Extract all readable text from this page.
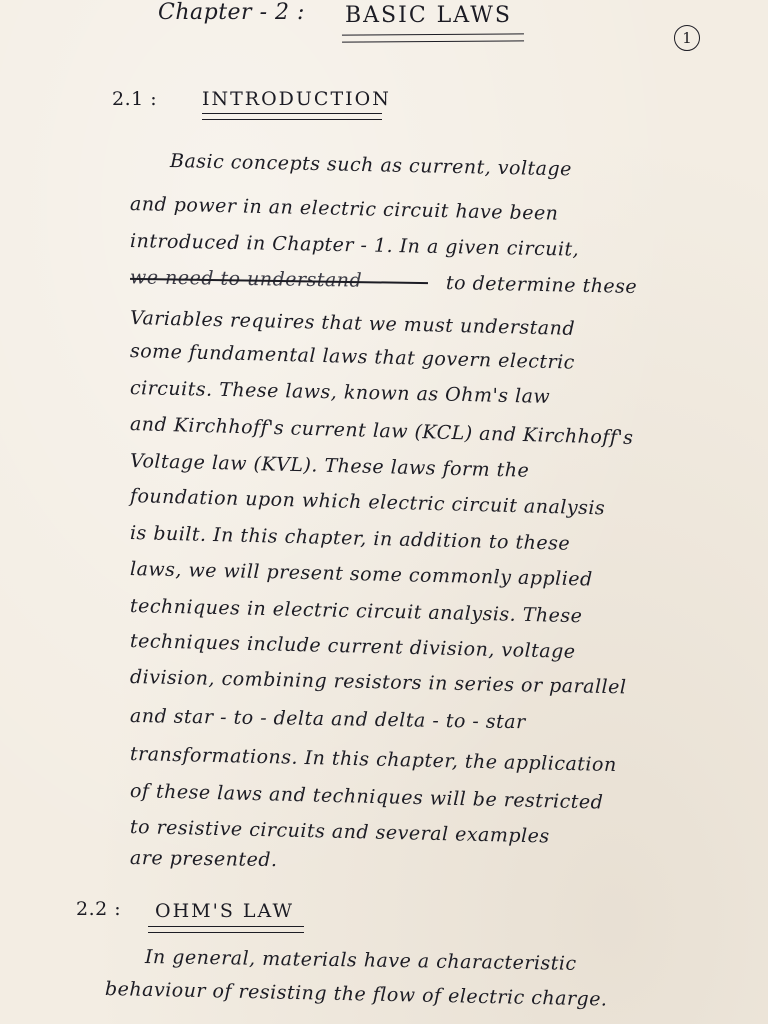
Chapter - 2 : BASIC LAWS
1
2.1 : INTRODUCTION
Basic concepts such as current, voltage
and power in an electric circuit have been
introduced in Chapter - 1. In a given circuit,
we need to understand	to determine these
Variables requires that we must understand
some fundamental laws that govern electric
circuits. These laws, known as Ohm's law
and Kirchhoff's current law (KCL) and Kirchhoff's
Voltage law (KVL). These laws form the
foundation upon which electric circuit analysis
is built. In this chapter, in addition to these
laws, we will present some commonly applied
techniques in electric circuit analysis. These
techniques include current division, voltage
division, combining resistors in series or parallel
and star - to - delta and delta - to - star
transformations. In this chapter, the application
of these laws and techniques will be restricted
to resistive circuits and several examples
are presented.
2.2 : OHM'S LAW
In general, materials have a characteristic
behaviour of resisting the flow of electric charge.
